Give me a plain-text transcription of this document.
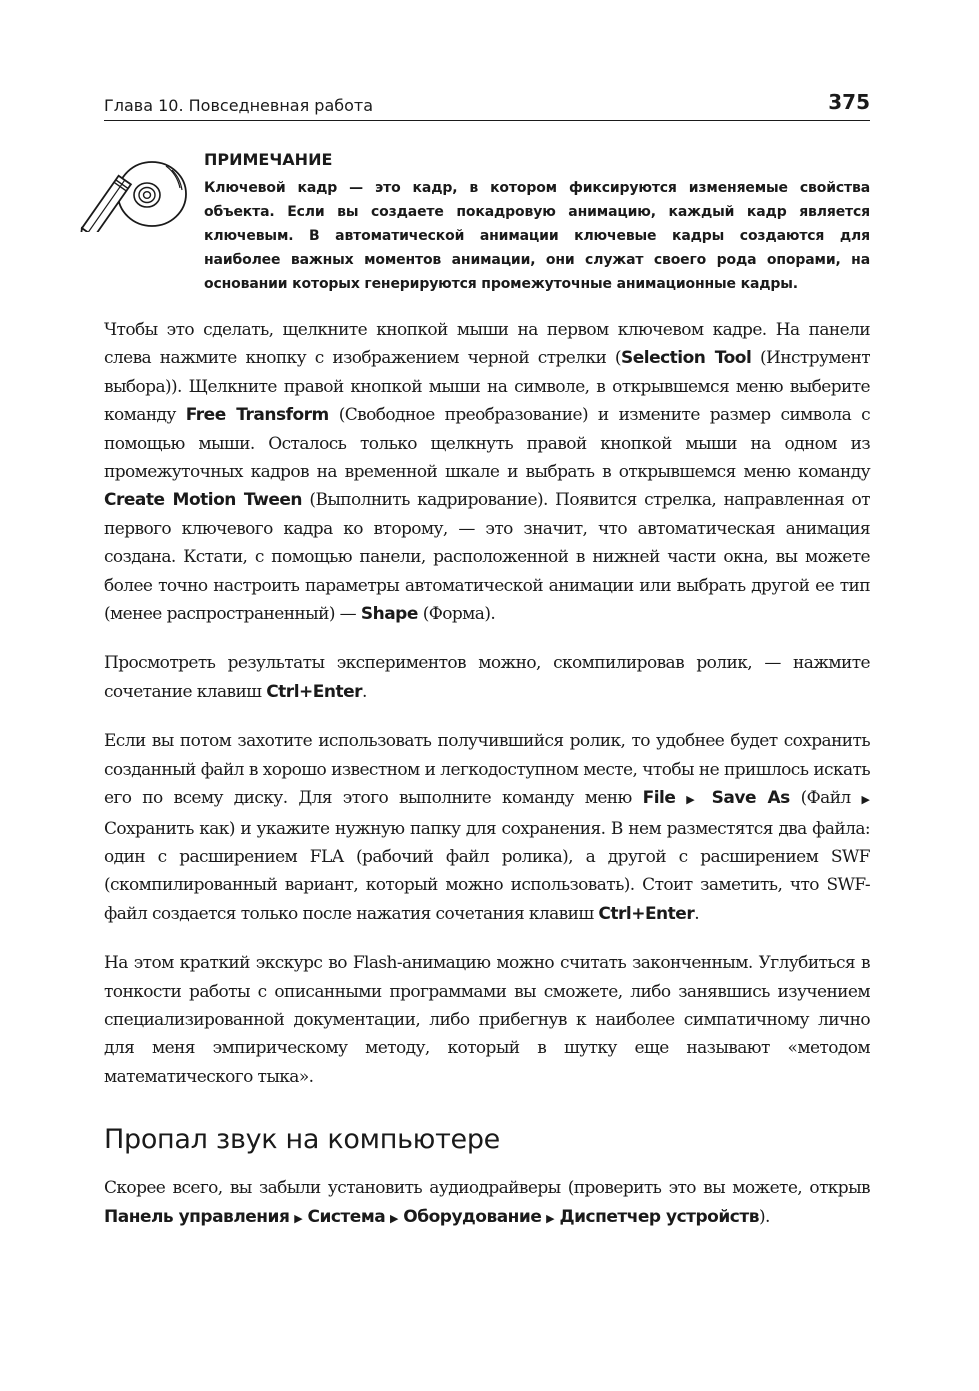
Глава 10. Повседневная работа	375
ПРИМЕЧАНИЕ
Ключевой кадр — это кадр, в котором фиксируются изменяемые свойства объекта. Если вы создаете покадровую анимацию, каждый кадр является ключевым. В автоматической анимации ключевые кадры создаются для наиболее важных моментов анимации, они служат своего рода опорами, на основании которых генерируются промежуточные анимационные кадры.

Чтобы это сделать, щелкните кнопкой мыши на первом ключевом кадре. На панели слева нажмите кнопку с изображением черной стрелки (Selection Tool (Инструмент выбора)). Щелкните правой кнопкой мыши на символе, в открывшемся меню выберите команду Free Transform (Свободное преобразование) и измените размер символа с помощью мыши. Осталось только щелкнуть правой кнопкой мыши на одном из промежуточных кадров на временной шкале и выбрать в открывшемся меню команду Create Motion Tween (Выполнить кадрирование). Появится стрелка, направленная от первого ключевого кадра ко второму, — это значит, что автоматическая анимация создана. Кстати, с помощью панели, расположенной в нижней части окна, вы можете более точно настроить параметры автоматической анимации или выбрать другой ее тип (менее распространенный) — Shape (Форма).

Просмотреть результаты экспериментов можно, скомпилировав ролик, — нажмите сочетание клавиш Ctrl+Enter.

Если вы потом захотите использовать получившийся ролик, то удобнее будет сохранить созданный файл в хорошо известном и легкодоступном месте, чтобы не пришлось искать его по всему диску. Для этого выполните команду меню File ▶ Save As (Файл ▶ Сохранить как) и укажите нужную папку для сохранения. В нем разместятся два файла: один с расширением FLA (рабочий файл ролика), а другой с расширением SWF (скомпилированный вариант, который можно использовать). Стоит заметить, что SWF-файл создается только после нажатия сочетания клавиш Ctrl+Enter.

На этом краткий экскурс во Flash-анимацию можно считать законченным. Углубиться в тонкости работы с описанными программами вы сможете, либо занявшись изучением специализированной документации, либо прибегнув к наиболее симпатичному лично для меня эмпирическому методу, который в шутку еще называют «методом математического тыка».

Пропал звук на компьютере

Скорее всего, вы забыли установить аудиодрайверы (проверить это вы можете, открыв Панель управления ▶ Система ▶ Оборудование ▶ Диспетчер устройств).
